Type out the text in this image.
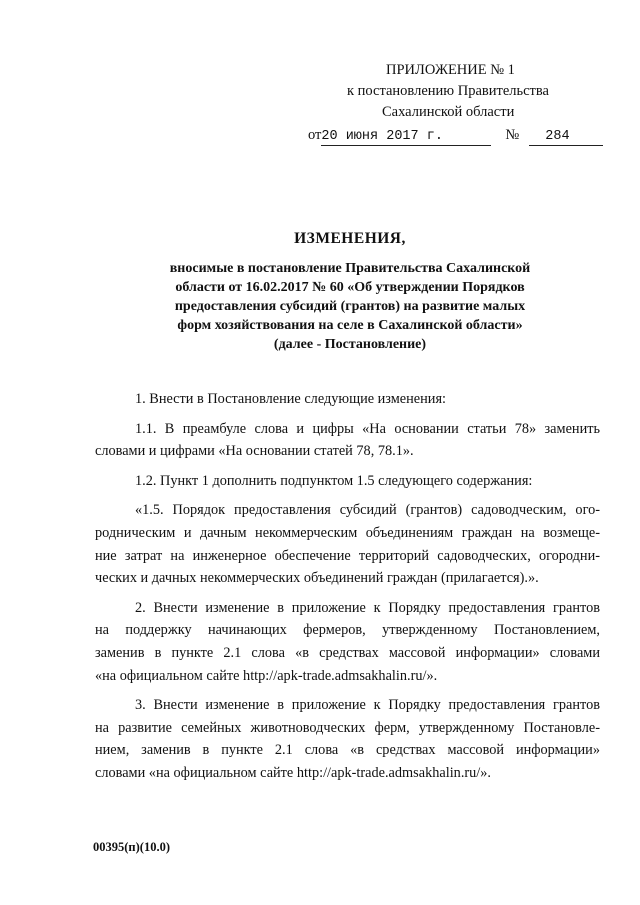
ПРИЛОЖЕНИЕ № 1
к постановлению Правительства
Сахалинской области
от20 июня 2017 г.	№ 284
ИЗМЕНЕНИЯ,
вносимые в постановление Правительства Сахалинской
области от 16.02.2017 № 60 «Об утверждении Порядков
предоставления субсидий (грантов) на развитие малых
форм хозяйствования на селе в Сахалинской области»
(далее - Постановление)

1. Внести в Постановление следующие изменения:

1.1. В преамбуле слова и цифры «На основании статьи 78» заменить
словами и цифрами «На основании статей 78, 78.1».

1.2. Пункт 1 дополнить подпунктом 1.5 следующего содержания:

«1.5. Порядок предоставления субсидий (грантов) садоводческим, ого-
родническим и дачным некоммерческим объединениям граждан на возмеще-
ние затрат на инженерное обеспечение территорий садоводческих, огородни-
ческих и дачных некоммерческих объединений граждан (прилагается).».

2. Внести изменение в приложение к Порядку предоставления грантов
на поддержку начинающих фермеров, утвержденному Постановлением,
заменив в пункте 2.1 слова «в средствах массовой информации» словами
«на официальном сайте http://apk-trade.admsakhalin.ru/».

3. Внести изменение в приложение к Порядку предоставления грантов
на развитие семейных животноводческих ферм, утвержденному Постановле-
нием, заменив в пункте 2.1 слова «в средствах массовой информации»
словами «на официальном сайте http://apk-trade.admsakhalin.ru/».

00395(п)(10.0)
